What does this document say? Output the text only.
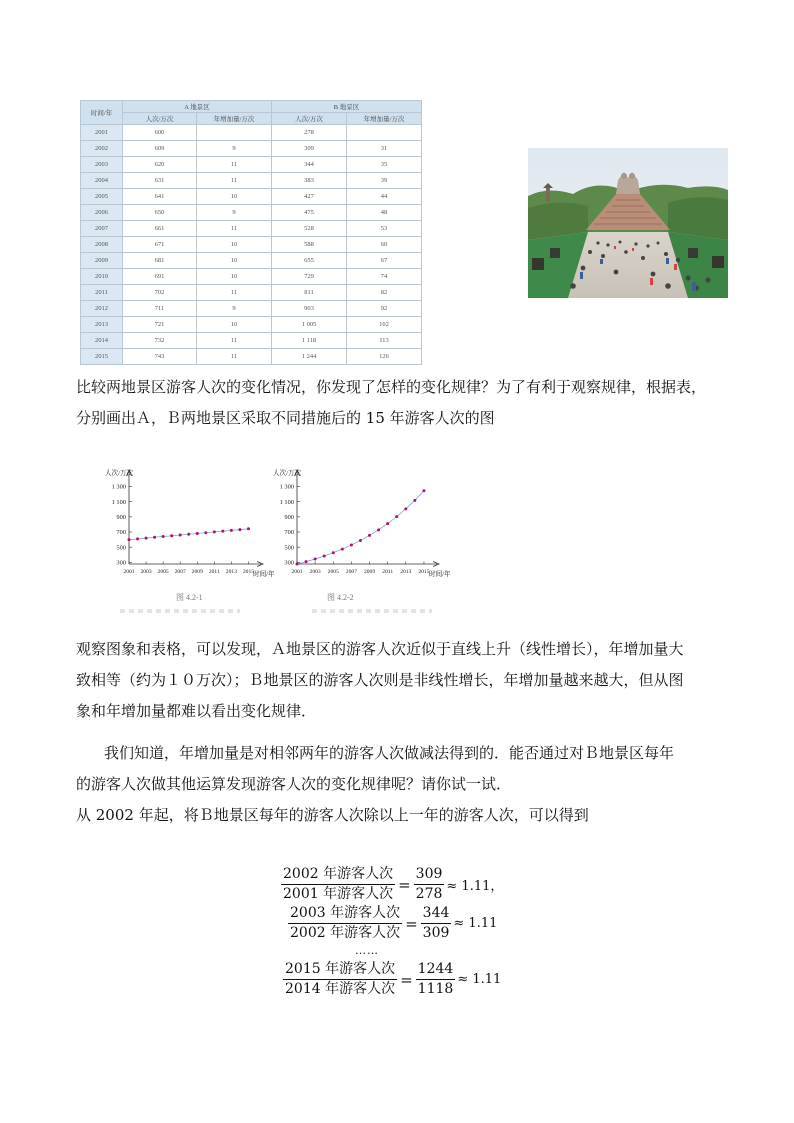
时间/年	A 地景区		B 地景区	
	人次/万次	年增加量/万次	人次/万次	年增加量/万次
2001	600		278	
2002	609	9	309	31
2003	620	11	344	35
2004	631	11	383	39
2005	641	10	427	44
2006	650	9	475	48
2007	661	11	528	53
2008	671	10	588	60
2009	681	10	655	67
2010	691	10	729	74
2011	702	11	811	82
2012	711	9	903	92
2013	721	10	1 005	102
2014	732	11	1 118	113
2015	743	11	1 244	126
比较两地景区游客人次的变化情况，你发现了怎样的变化规律？为了有利于观察规律，根据表，
分别画出Ａ，Ｂ两地景区采取不同措施后的 15 年游客人次的图
300
500
700
900
1 100
1 300
2001 2003 2005 2007 2009 2011 2013 2015
人次/万次
时间/年
图 4.2-1
300
500
700
900
1 100
1 300
2001 2003 2005 2007 2009 2011 2013 2015
人次/万次
时间/年
图 4.2-2
观察图象和表格，可以发现，Ａ地景区的游客人次近似于直线上升（线性增长），年增加量大
致相等（约为１０万次）；Ｂ地景区的游客人次则是非线性增长，年增加量越来越大，但从图
象和年增加量都难以看出变化规律．
我们知道，年增加量是对相邻两年的游客人次做减法得到的．能否通过对Ｂ地景区每年
的游客人次做其他运算发现游客人次的变化规律呢？请你试一试．
从 2002 年起，将Ｂ地景区每年的游客人次除以上一年的游客人次，可以得到
$\frac{\text{2002 年游客人次}}{\text{2001 年游客人次}} = \frac{309}{278} \approx 1.11$，
$\frac{\text{2003 年游客人次}}{\text{2002 年游客人次}} = \frac{344}{309} \approx 1.11$
……
$\frac{\text{2015 年游客人次}}{\text{2014 年游客人次}} = \frac{1244}{1118} \approx 1.11$
